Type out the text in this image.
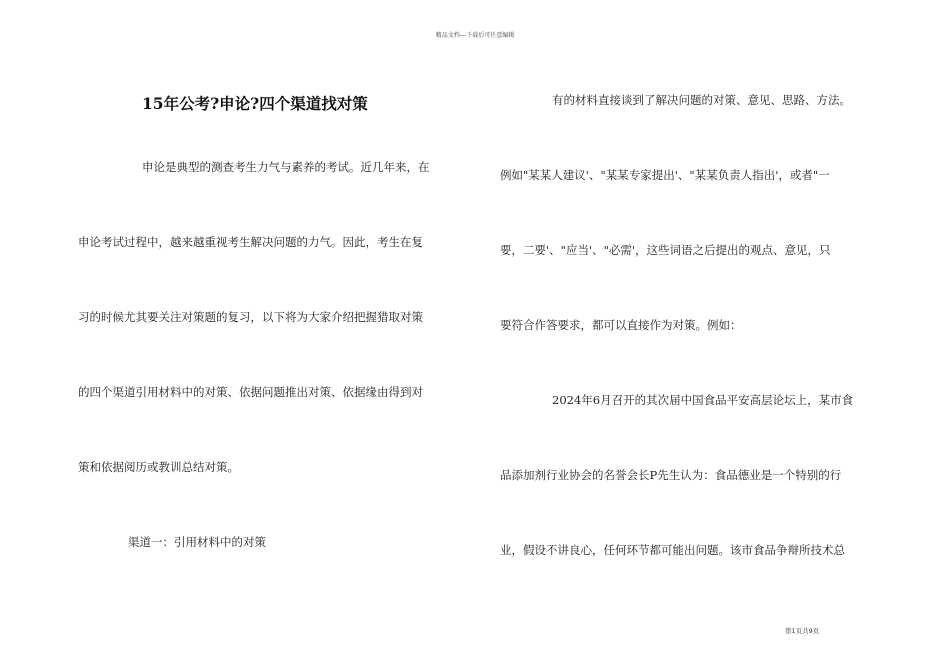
精品文档---下载后可任意编辑
15年公考?申论?四个渠道找对策
申论是典型的测查考生力气与素养的考试。近几年来，在
申论考试过程中，越来越重视考生解决问题的力气。因此，考生在复
习的时候尤其要关注对策题的复习，以下将为大家介绍把握猎取对策
的四个渠道引用材料中的对策、依据问题推出对策、依据缘由得到对
策和依据阅历或教训总结对策。
渠道一：引用材料中的对策
有的材料直接谈到了解决问题的对策、意见、思路、方法。
例如"某某人建议'、"某某专家提出'、"某某负责人指出'，或者"一
要，二要'、"应当'、"必需'，这些词语之后提出的观点、意见，只
要符合作答要求，都可以直接作为对策。例如：
2024年6月召开的其次届中国食品平安高层论坛上，某市食
品添加剂行业协会的名誉会长P先生认为：食品德业是一个特别的行
业，假设不讲良心，任何环节都可能出问题。该市食品争辩所技术总
第1页共9页
